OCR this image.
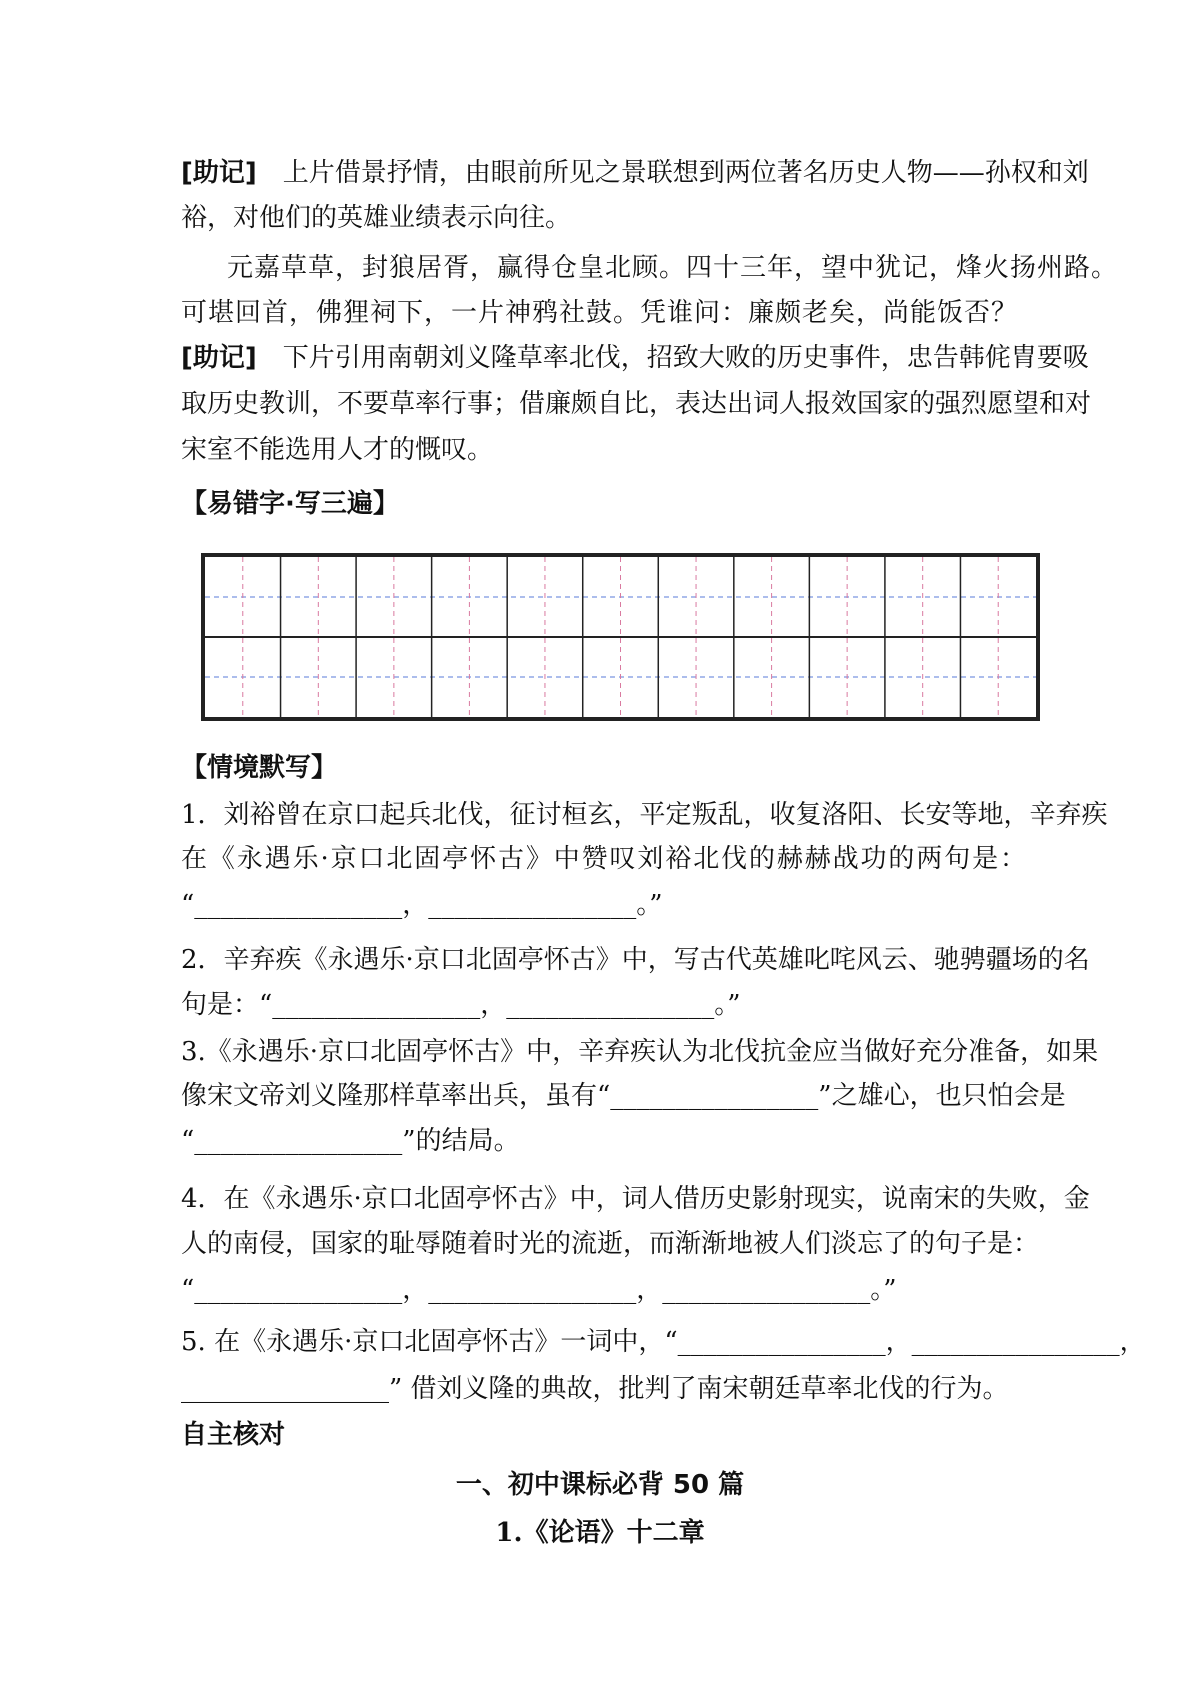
[助记]  上片借景抒情，由眼前所见之景联想到两位著名历史人物——孙权和刘
裕，对他们的英雄业绩表示向往。
元嘉草草，封狼居胥，赢得仓皇北顾。四十三年，望中犹记，烽火扬州路。
可堪回首，佛狸祠下，一片神鸦社鼓。凭谁问：廉颇老矣，尚能饭否？
[助记]  下片引用南朝刘义隆草率北伐，招致大败的历史事件，忠告韩侂胄要吸
取历史教训，不要草率行事；借廉颇自比，表达出词人报效国家的强烈愿望和对
宋室不能选用人才的慨叹。
【易错字·写三遍】
【情境默写】
1．刘裕曾在京口起兵北伐，征讨桓玄，平定叛乱，收复洛阳、长安等地，辛弃疾
在《永遇乐·京口北固亭怀古》中赞叹刘裕北伐的赫赫战功的两句是：
“________________，________________。”
2．辛弃疾《永遇乐·京口北固亭怀古》中，写古代英雄叱咤风云、驰骋疆场的名
句是：“________________，________________。”
3.《永遇乐·京口北固亭怀古》中，辛弃疾认为北伐抗金应当做好充分准备，如果
像宋文帝刘义隆那样草率出兵，虽有“________________”之雄心，也只怕会是
“________________”的结局。
4．在《永遇乐·京口北固亭怀古》中，词人借历史影射现实，说南宋的失败，金
人的南侵，国家的耻辱随着时光的流逝，而渐渐地被人们淡忘了的句子是：
“________________，________________，________________。”
5. 在《永遇乐·京口北固亭怀古》一词中，“________________，________________，
________________” 借刘义隆的典故，批判了南宋朝廷草率北伐的行为。
自主核对
一、初中课标必背 50 篇
1.《论语》十二章
